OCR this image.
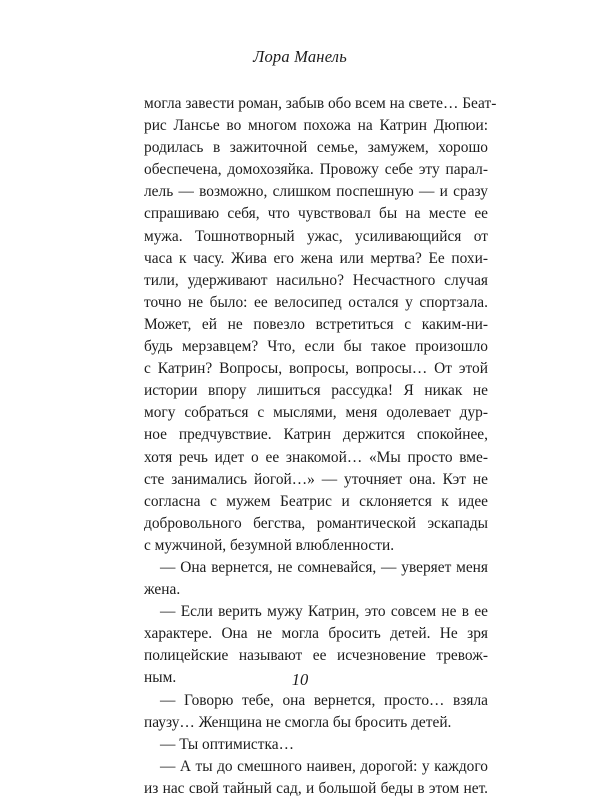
Лора Манель
могла завести роман, забыв обо всем на свете… Беат-
рис Лансье во многом похожа на Катрин Дюпюи:
родилась в зажиточной семье, замужем, хорошо
обеспечена, домохозяйка. Провожу себе эту парал-
лель — возможно, слишком поспешную — и сразу
спрашиваю себя, что чувствовал бы на месте ее
мужа. Тошнотворный ужас, усиливающийся от
часа к часу. Жива его жена или мертва? Ее похи-
тили, удерживают насильно? Несчастного случая
точно не было: ее велосипед остался у спортзала.
Может, ей не повезло встретиться с каким-ни-
будь мерзавцем? Что, если бы такое произошло
с Катрин? Вопросы, вопросы, вопросы… От этой
истории впору лишиться рассудка! Я никак не
могу собраться с мыслями, меня одолевает дур-
ное предчувствие. Катрин держится спокойнее,
хотя речь идет о ее знакомой… «Мы просто вме-
сте занимались йогой…» — уточняет она. Кэт не
согласна с мужем Беатрис и склоняется к идее
добровольного бегства, романтической эскапады
с мужчиной, безумной влюбленности.
— Она вернется, не сомневайся, — уверяет меня
жена.
— Если верить мужу Катрин, это совсем не в ее
характере. Она не могла бросить детей. Не зря
полицейские называют ее исчезновение тревож-
ным.
— Говорю тебе, она вернется, просто… взяла
паузу… Женщина не смогла бы бросить детей.
— Ты оптимистка…
— А ты до смешного наивен, дорогой: у каждого
из нас свой тайный сад, и большой беды в этом нет.
10
